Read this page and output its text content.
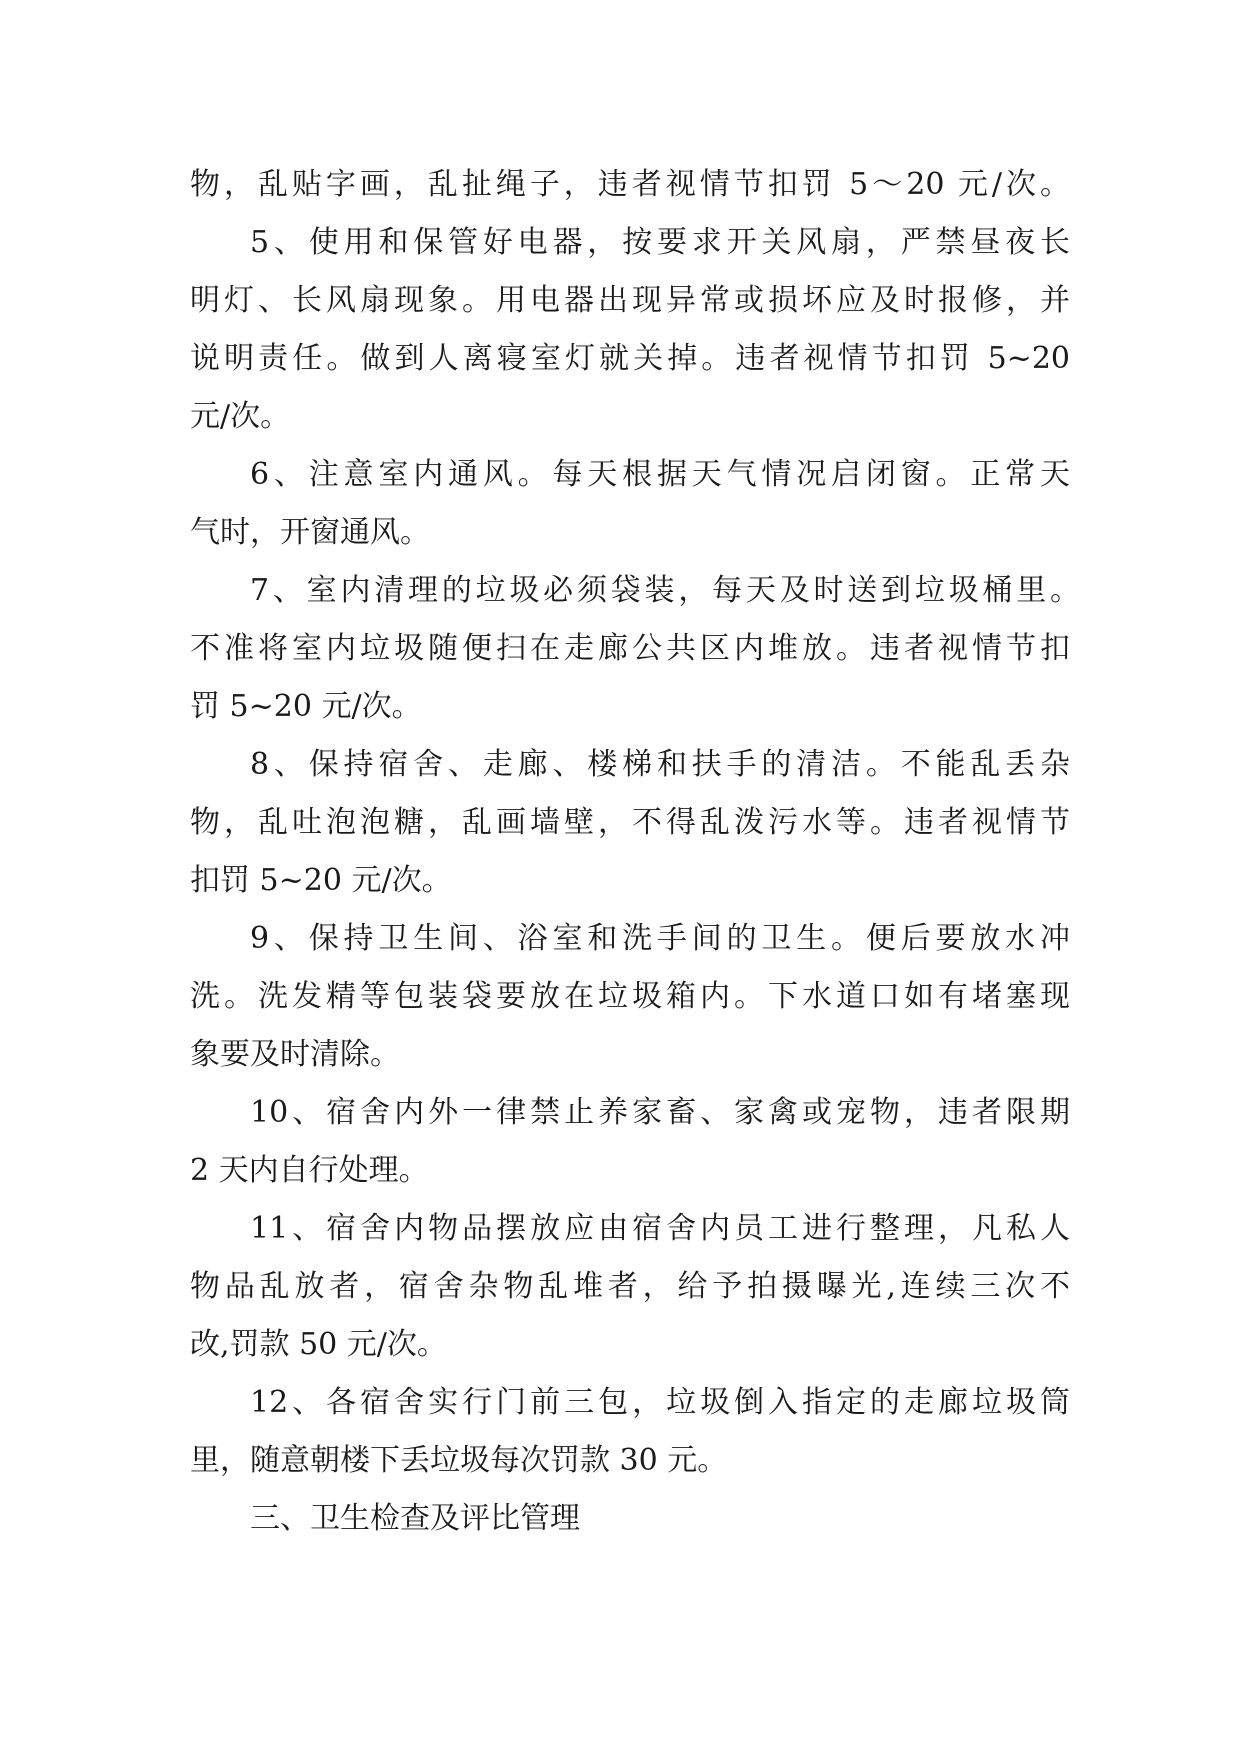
物，乱贴字画，乱扯绳子，违者视情节扣罚 5～20 元/次。
5、使用和保管好电器，按要求开关风扇，严禁昼夜长
明灯、长风扇现象。用电器出现异常或损坏应及时报修，并
说明责任。做到人离寝室灯就关掉。违者视情节扣罚 5~20
元/次。
6、注意室内通风。每天根据天气情况启闭窗。正常天
气时，开窗通风。
7、室内清理的垃圾必须袋装，每天及时送到垃圾桶里。
不准将室内垃圾随便扫在走廊公共区内堆放。违者视情节扣
罚 5~20 元/次。
8、保持宿舍、走廊、楼梯和扶手的清洁。不能乱丢杂
物，乱吐泡泡糖，乱画墙壁，不得乱泼污水等。违者视情节
扣罚 5~20 元/次。
9、保持卫生间、浴室和洗手间的卫生。便后要放水冲
洗。洗发精等包装袋要放在垃圾箱内。下水道口如有堵塞现
象要及时清除。
10、宿舍内外一律禁止养家畜、家禽或宠物，违者限期
2 天内自行处理。
11、宿舍内物品摆放应由宿舍内员工进行整理，凡私人
物品乱放者，宿舍杂物乱堆者，给予拍摄曝光,连续三次不
改,罚款 50 元/次。
12、各宿舍实行门前三包，垃圾倒入指定的走廊垃圾筒
里，随意朝楼下丢垃圾每次罚款 30 元。
三、卫生检查及评比管理
